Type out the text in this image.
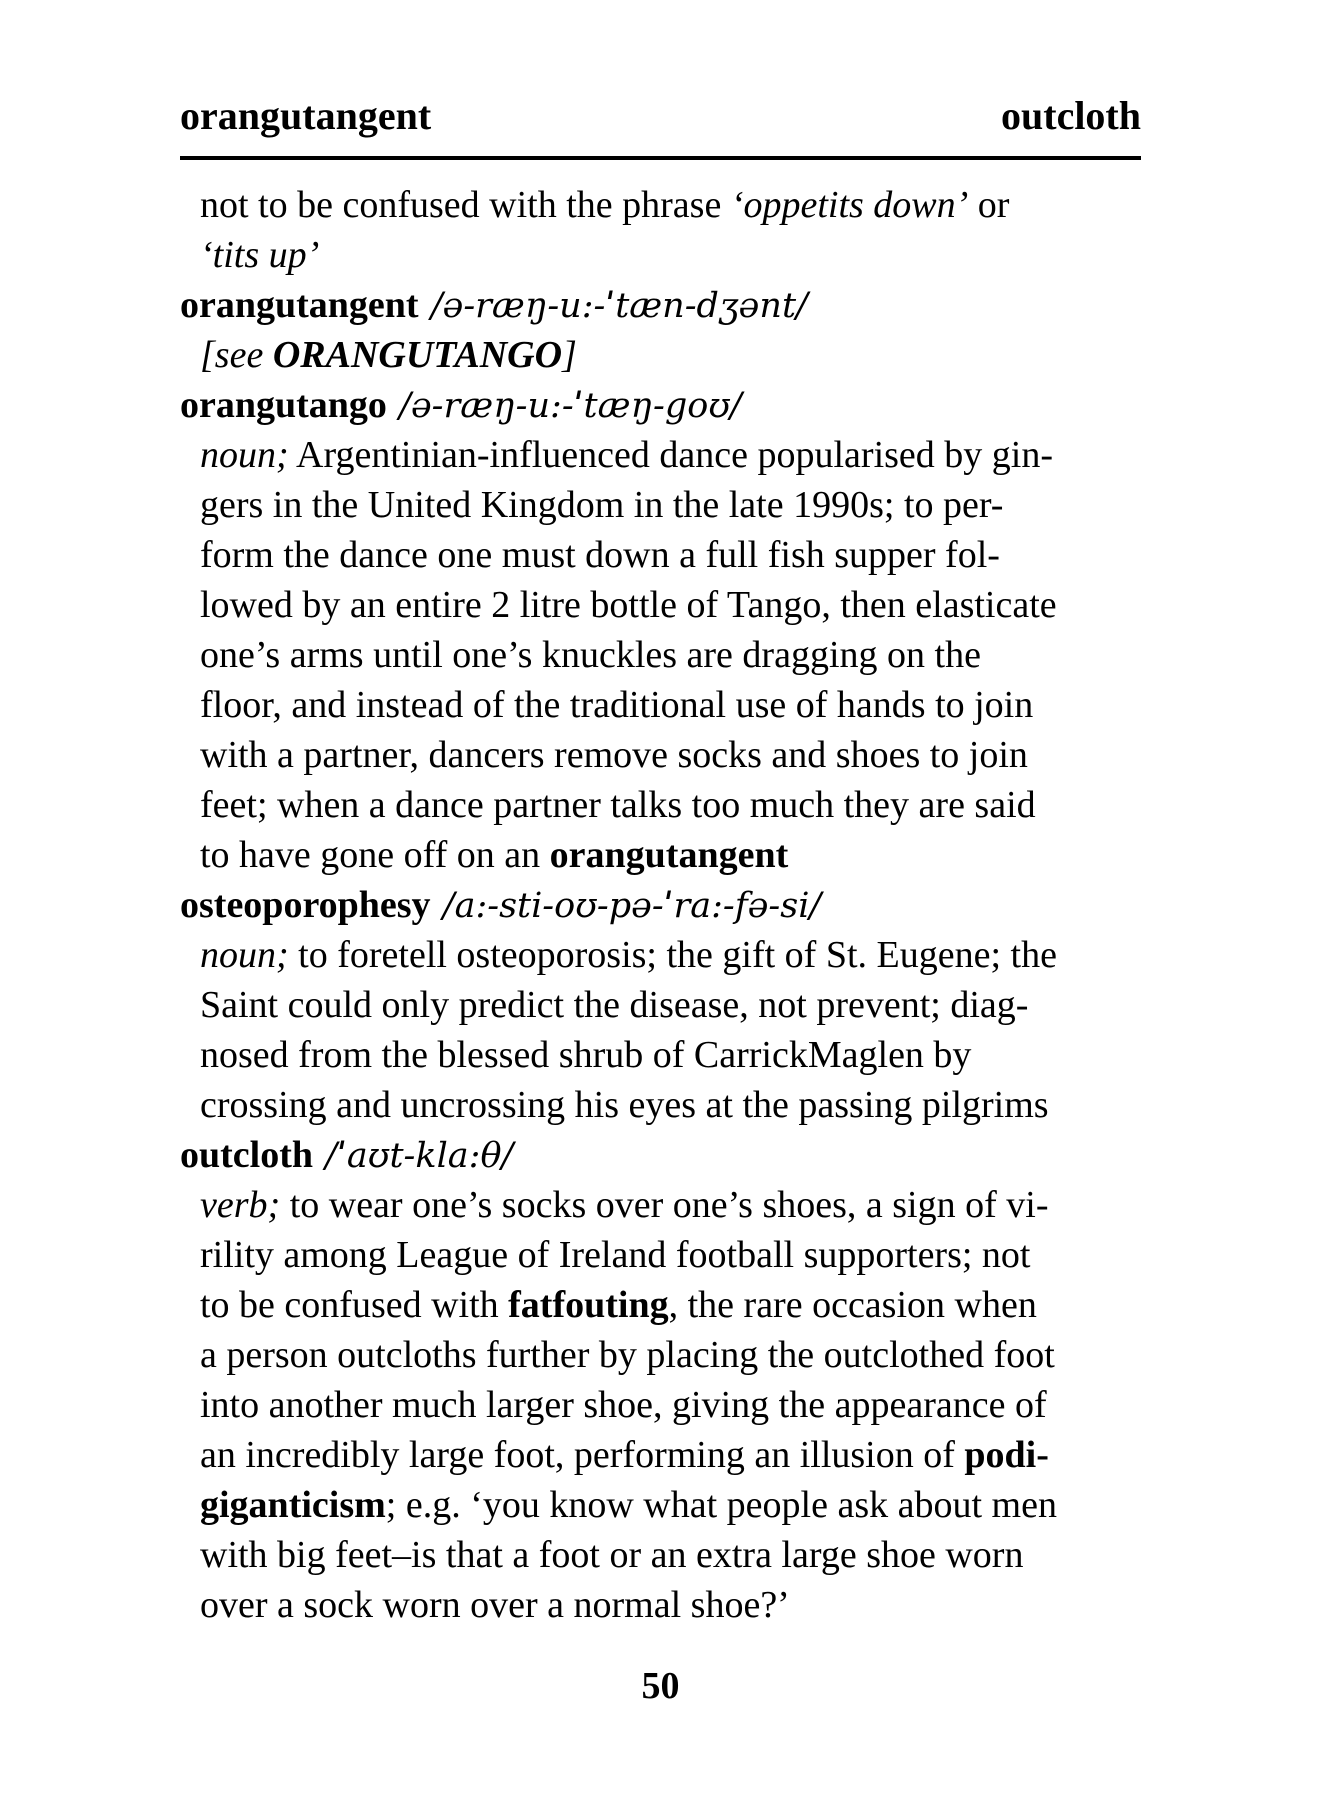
orangutangent	outcloth
not to be confused with the phrase ‘oppetits down’ or
‘tits up’
orangutangent /ə-ræŋ-u:-ˈtæn-dʒənt/
[see ORANGUTANGO]
orangutango /ə-ræŋ-u:-ˈtæŋ-goʊ/
noun; Argentinian-influenced dance popularised by gin-
gers in the United Kingdom in the late 1990s; to per-
form the dance one must down a full fish supper fol-
lowed by an entire 2 litre bottle of Tango, then elasticate
one’s arms until one’s knuckles are dragging on the
floor, and instead of the traditional use of hands to join
with a partner, dancers remove socks and shoes to join
feet; when a dance partner talks too much they are said
to have gone off on an orangutangent
osteoporophesy /a:-sti-oʊ-pə-ˈra:-fə-si/
noun; to foretell osteoporosis; the gift of St. Eugene; the
Saint could only predict the disease, not prevent; diag-
nosed from the blessed shrub of CarrickMaglen by
crossing and uncrossing his eyes at the passing pilgrims
outcloth /ˈaʊt-kla:θ/
verb; to wear one’s socks over one’s shoes, a sign of vi-
rility among League of Ireland football supporters; not
to be confused with fatfouting, the rare occasion when
a person outcloths further by placing the outclothed foot
into another much larger shoe, giving the appearance of
an incredibly large foot, performing an illusion of podi-
giganticism; e.g. ‘you know what people ask about men
with big feet–is that a foot or an extra large shoe worn
over a sock worn over a normal shoe?’
50
